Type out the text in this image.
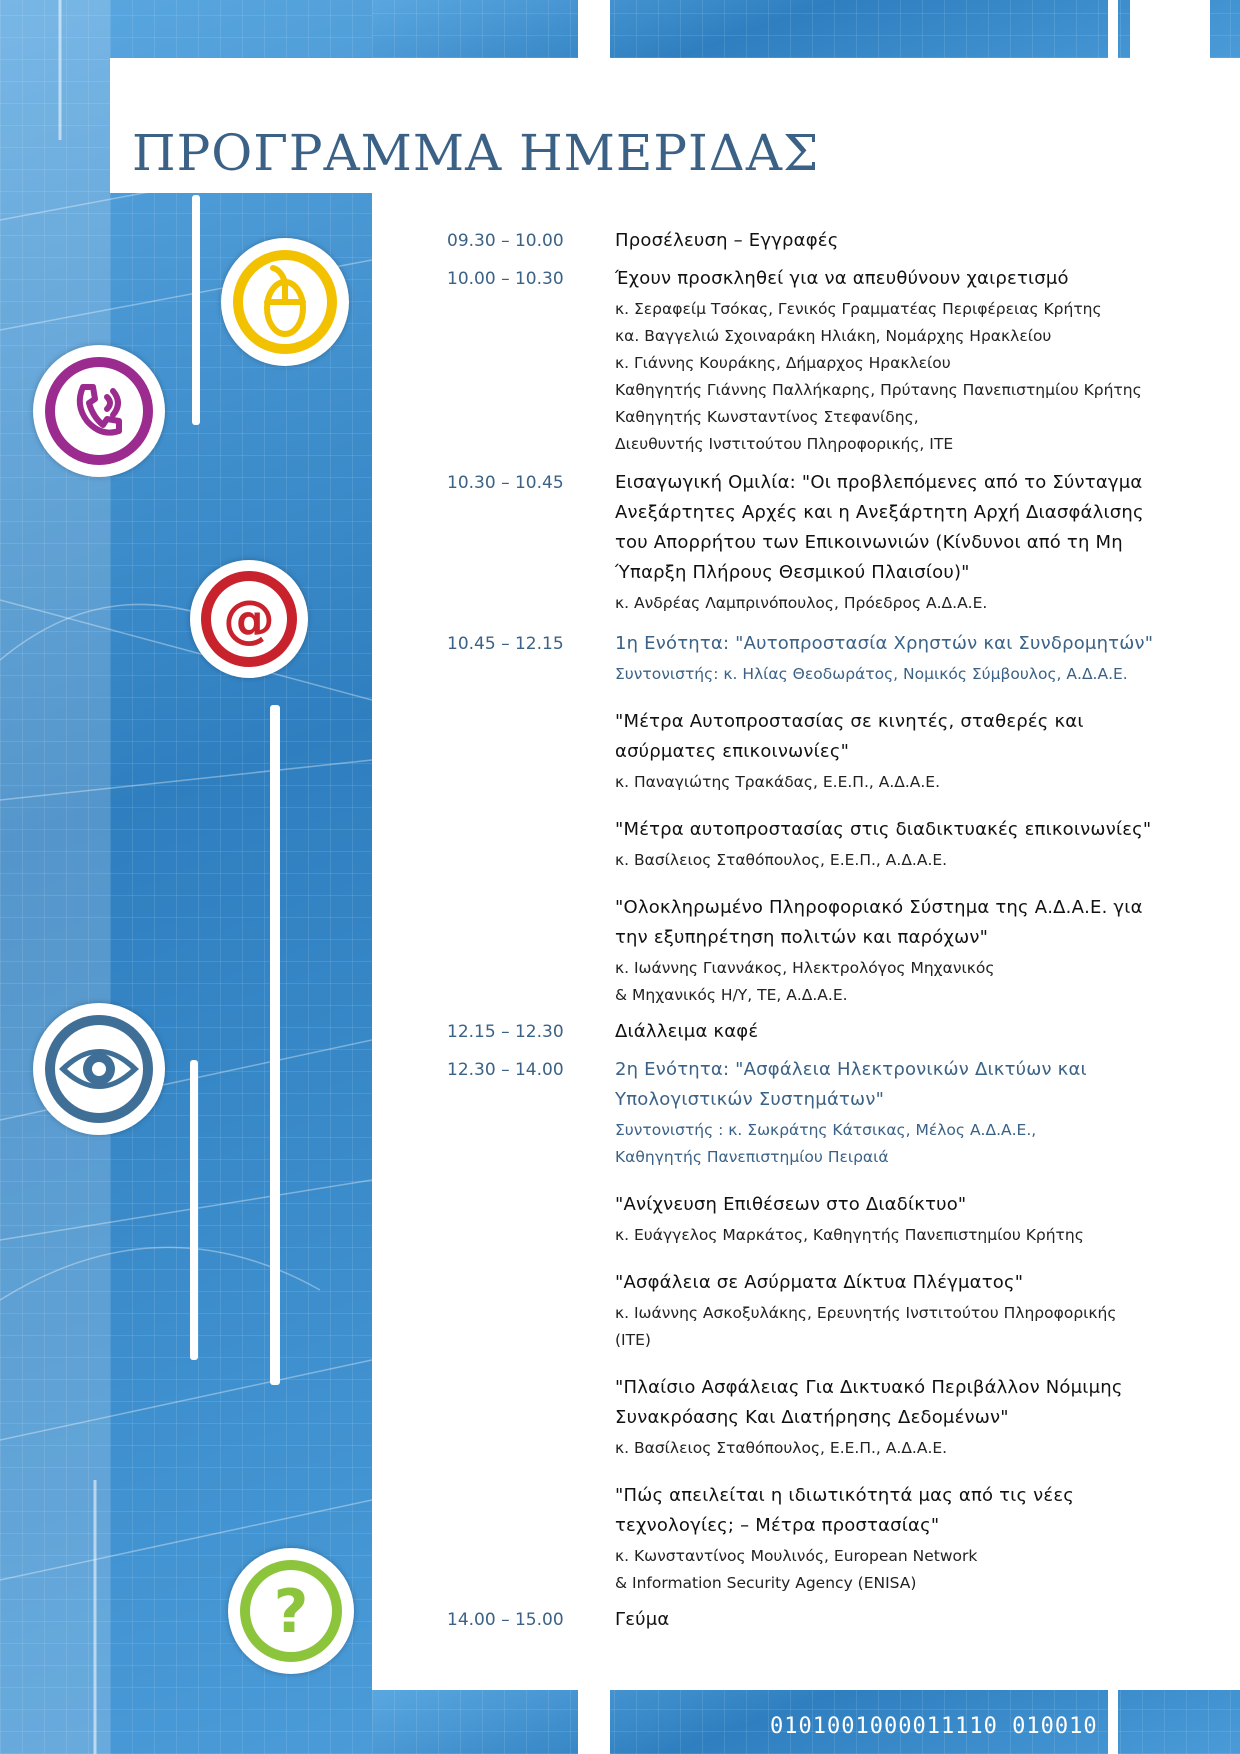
ΠΡΟΓΡΑΜΜΑ ΗΜΕΡΙΔΑΣ
@
?
09.30 – 10.00	Προσέλευση – Εγγραφές
10.00 – 10.30	Έχουν προσκληθεί για να απευθύνουν χαιρετισμό
κ. Σεραφείμ Τσόκας, Γενικός Γραμματέας Περιφέρειας Κρήτης
κα. Βαγγελιώ Σχοιναράκη Ηλιάκη, Νομάρχης Ηρακλείου
κ. Γιάννης Κουράκης, Δήμαρχος Ηρακλείου
Καθηγητής Γιάννης Παλλήκαρης, Πρύτανης Πανεπιστημίου Κρήτης
Καθηγητής Κωνσταντίνος Στεφανίδης,
Διευθυντής Ινστιτούτου Πληροφορικής, ΙΤΕ
10.30 – 10.45	Εισαγωγική Ομιλία: "Οι προβλεπόμενες από το Σύνταγμα Ανεξάρτητες Αρχές και η Ανεξάρτητη Αρχή Διασφάλισης του Απορρήτου των Επικοινωνιών (Κίνδυνοι από τη Μη Ύπαρξη Πλήρους Θεσμικού Πλαισίου)"
κ. Ανδρέας Λαμπρινόπουλος, Πρόεδρος Α.Δ.Α.Ε.
10.45 – 12.15	1η Ενότητα: "Αυτοπροστασία Χρηστών και Συνδρομητών"
Συντονιστής: κ. Ηλίας Θεοδωράτος, Νομικός Σύμβουλος, Α.Δ.Α.Ε.
"Μέτρα Αυτοπροστασίας σε κινητές, σταθερές και ασύρματες επικοινωνίες"
κ. Παναγιώτης Τρακάδας, Ε.Ε.Π., Α.Δ.Α.Ε.
"Μέτρα αυτοπροστασίας στις διαδικτυακές επικοινωνίες"
κ. Βασίλειος Σταθόπουλος, Ε.Ε.Π., Α.Δ.Α.Ε.
"Ολοκληρωμένο Πληροφοριακό Σύστημα της Α.Δ.Α.Ε. για την εξυπηρέτηση πολιτών και παρόχων"
κ. Ιωάννης Γιαννάκος, Ηλεκτρολόγος Μηχανικός
& Μηχανικός Η/Υ, ΤΕ, Α.Δ.Α.Ε.
12.15 – 12.30	Διάλλειμα καφέ
12.30 – 14.00	2η Ενότητα: "Ασφάλεια Ηλεκτρονικών Δικτύων και Υπολογιστικών Συστημάτων"
Συντονιστής : κ. Σωκράτης Κάτσικας, Μέλος Α.Δ.Α.Ε.,
Καθηγητής Πανεπιστημίου Πειραιά
"Ανίχνευση Επιθέσεων στο Διαδίκτυο"
κ. Ευάγγελος Μαρκάτος, Καθηγητής Πανεπιστημίου Κρήτης
"Ασφάλεια σε Ασύρματα Δίκτυα Πλέγματος"
κ. Ιωάννης Ασκοξυλάκης, Ερευνητής Ινστιτούτου Πληροφορικής (ΙΤΕ)
"Πλαίσιο Ασφάλειας Για Δικτυακό Περιβάλλον Νόμιμης Συνακρόασης Και Διατήρησης Δεδομένων"
κ. Βασίλειος Σταθόπουλος, Ε.Ε.Π., Α.Δ.Α.Ε.
"Πώς απειλείται η ιδιωτικότητά μας από τις νέες τεχνολογίες; – Μέτρα προστασίας"
κ. Κωνσταντίνος Μουλινός, European Network
& Information Security Agency (ENISA)
14.00 – 15.00	Γεύμα
0101001000011110 010010
